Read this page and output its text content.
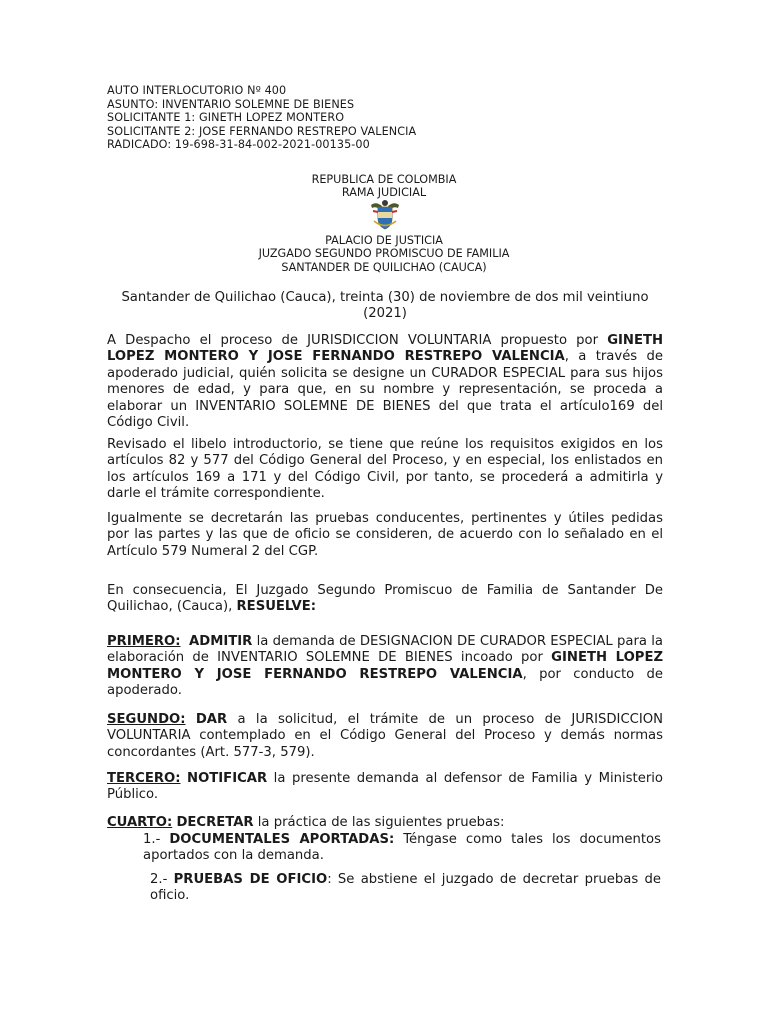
AUTO INTERLOCUTORIO Nº 400
ASUNTO: INVENTARIO SOLEMNE DE BIENES
SOLICITANTE 1: GINETH LOPEZ MONTERO
SOLICITANTE 2: JOSE FERNANDO RESTREPO VALENCIA
RADICADO: 19-698-31-84-002-2021-00135-00
REPUBLICA DE COLOMBIA
RAMA JUDICIAL
PALACIO DE JUSTICIA
JUZGADO SEGUNDO PROMISCUO DE FAMILIA
SANTANDER DE QUILICHAO (CAUCA)
Santander de Quilichao (Cauca), treinta (30) de noviembre de dos mil veintiuno (2021)
A Despacho el proceso de JURISDICCION VOLUNTARIA propuesto por GINETH LOPEZ MONTERO Y JOSE FERNANDO RESTREPO VALENCIA, a través de apoderado judicial, quién solicita se designe un CURADOR ESPECIAL para sus hijos menores de edad, y para que, en su nombre y representación, se proceda a elaborar un INVENTARIO SOLEMNE DE BIENES del que trata el artículo169 del Código Civil.
Revisado el libelo introductorio, se tiene que reúne los requisitos exigidos en los artículos 82 y 577 del Código General del Proceso, y en especial, los enlistados en los artículos 169 a 171 y del Código Civil, por tanto, se procederá a admitirla y darle el trámite correspondiente.
Igualmente se decretarán las pruebas conducentes, pertinentes y útiles pedidas por las partes y las que de oficio se consideren, de acuerdo con lo señalado en el Artículo 579 Numeral 2 del CGP.
En consecuencia, El Juzgado Segundo Promiscuo de Familia de Santander De Quilichao, (Cauca), RESUELVE:
PRIMERO: ADMITIR la demanda de DESIGNACION DE CURADOR ESPECIAL para la elaboración de INVENTARIO SOLEMNE DE BIENES incoado por GINETH LOPEZ MONTERO Y JOSE FERNANDO RESTREPO VALENCIA, por conducto de apoderado.
SEGUNDO: DAR a la solicitud, el trámite de un proceso de JURISDICCION VOLUNTARIA contemplado en el Código General del Proceso y demás normas concordantes (Art. 577-3, 579).
TERCERO: NOTIFICAR la presente demanda al defensor de Familia y Ministerio Público.
CUARTO: DECRETAR la práctica de las siguientes pruebas:
1.- DOCUMENTALES APORTADAS: Téngase como tales los documentos aportados con la demanda.
2.- PRUEBAS DE OFICIO: Se abstiene el juzgado de decretar pruebas de oficio.
